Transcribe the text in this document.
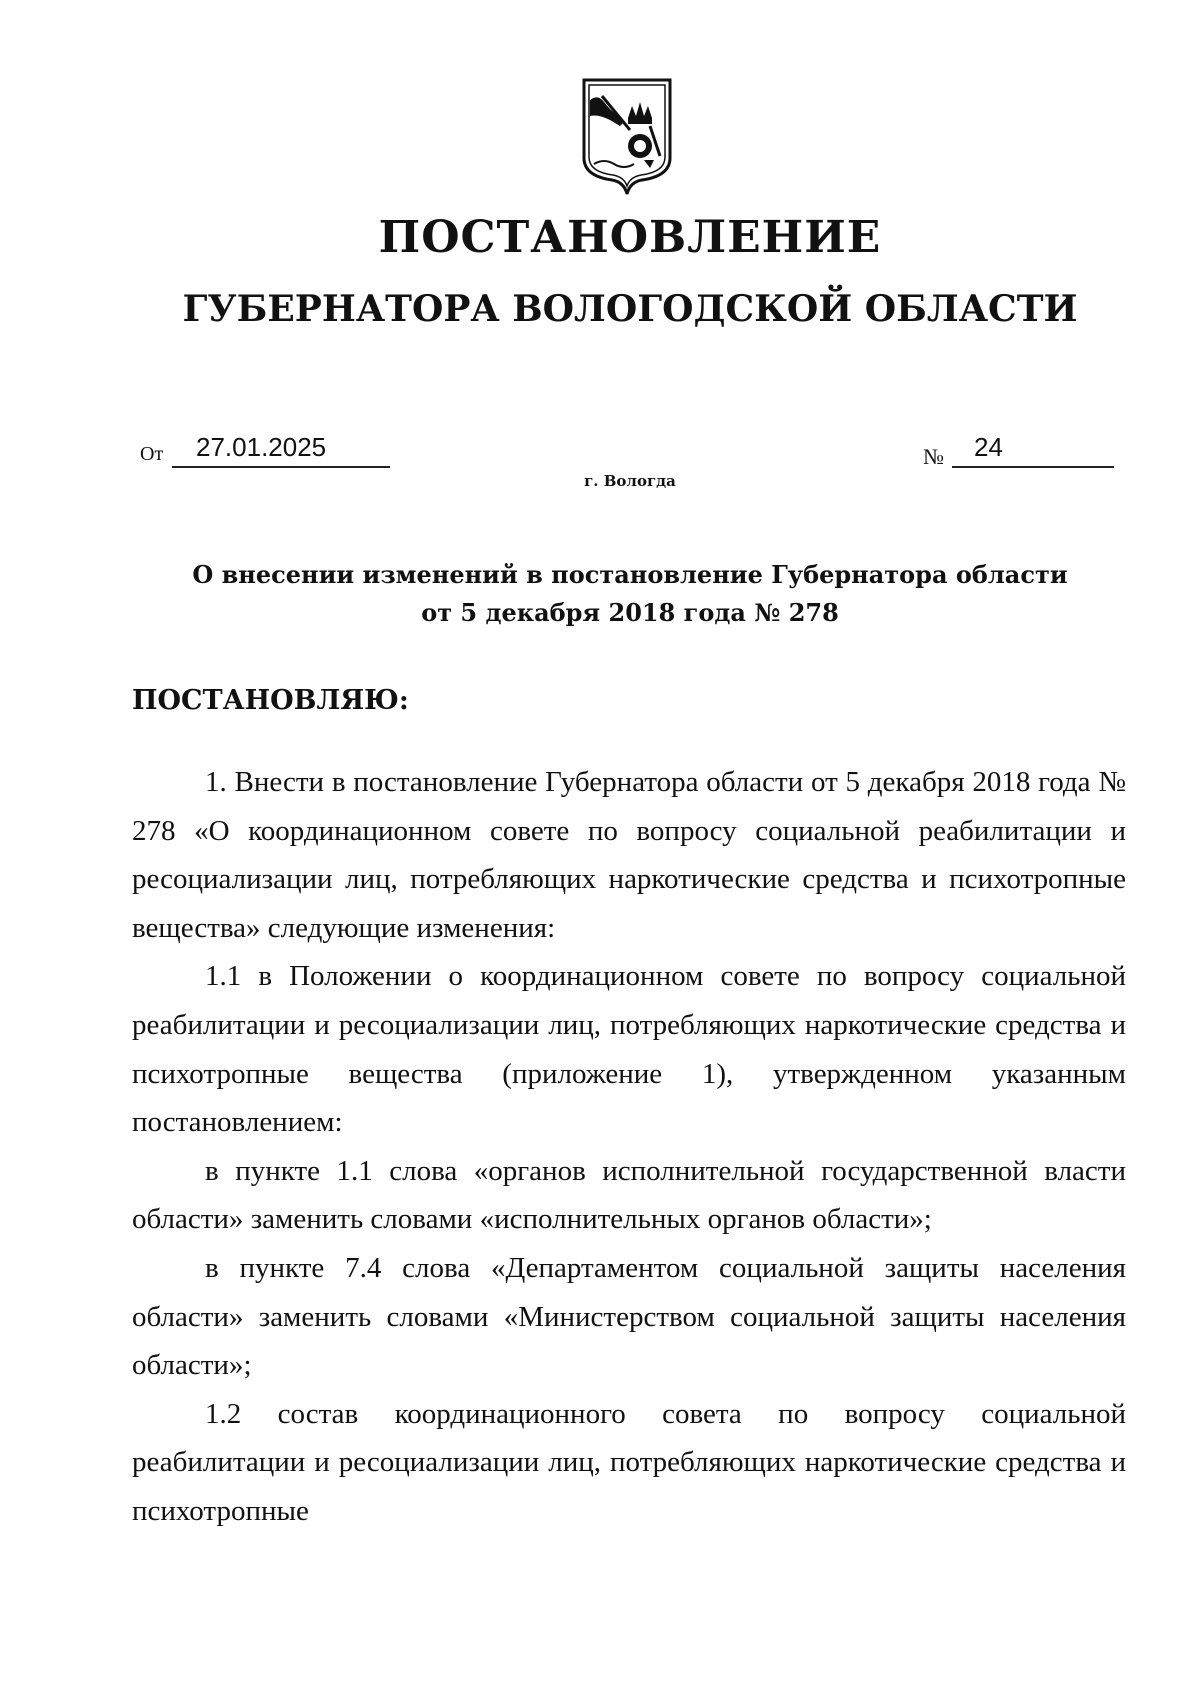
ПОСТАНОВЛЕНИЕ
ГУБЕРНАТОРА ВОЛОГОДСКОЙ ОБЛАСТИ
От	27.01.2025	№	24
г. Вологда
О внесении изменений в постановление Губернатора области
от 5 декабря 2018 года № 278
ПОСТАНОВЛЯЮ:

1. Внести в постановление Губернатора области от 5 декабря 2018 года № 278 «О координационном совете по вопросу социальной реабилитации и ресоциализации лиц, потребляющих наркотические средства и психотропные вещества» следующие изменения:

1.1 в Положении о координационном совете по вопросу социальной реабилитации и ресоциализации лиц, потребляющих наркотические средства и психотропные вещества (приложение 1), утвержденном указанным постановлением:

в пункте 1.1 слова «органов исполнительной государственной власти области» заменить словами «исполнительных органов области»;

в пункте 7.4 слова «Департаментом социальной защиты населения области» заменить словами «Министерством социальной защиты населения области»;

1.2 состав координационного совета по вопросу социальной реабилитации и ресоциализации лиц, потребляющих наркотические средства и психотропные
